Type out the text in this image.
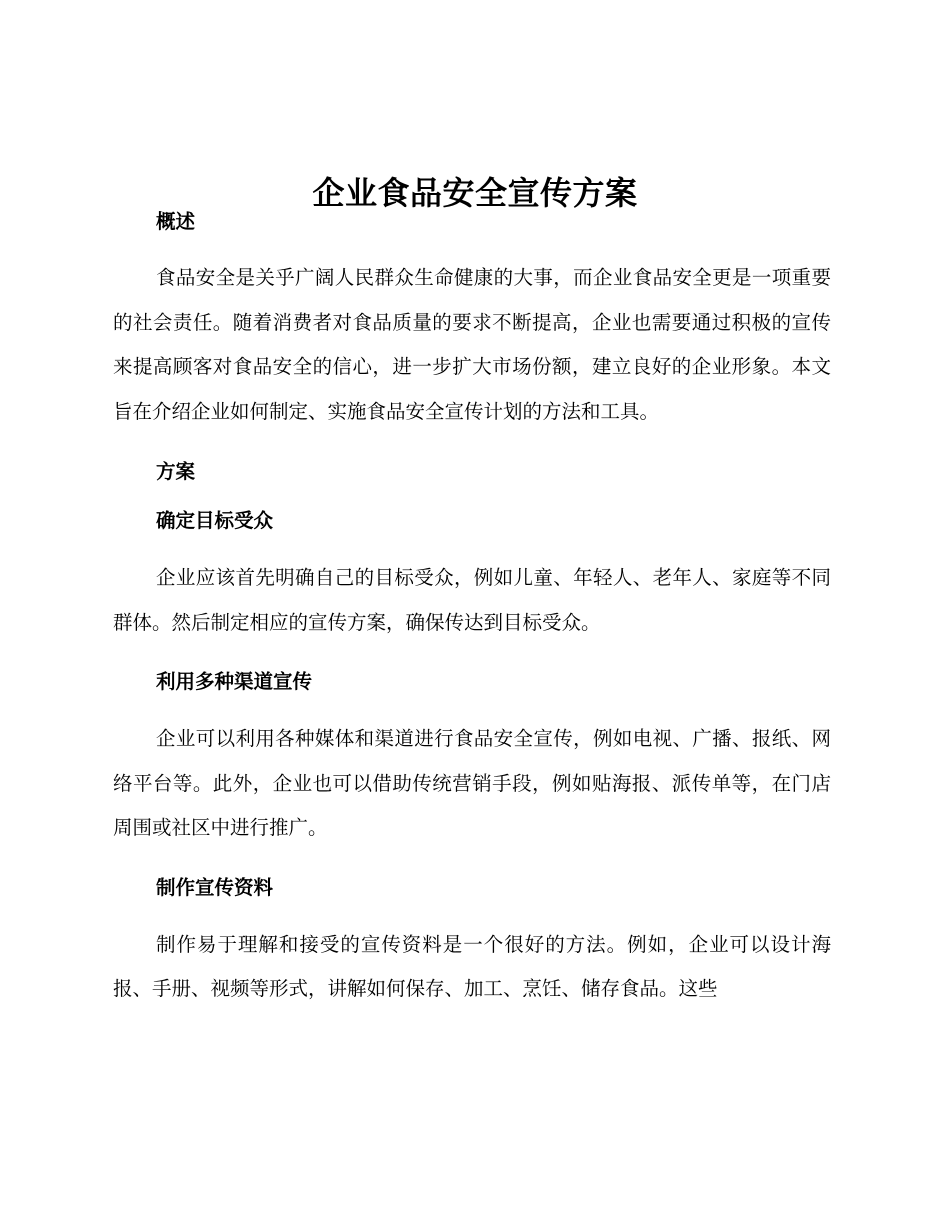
企业食品安全宣传方案
概述

食品安全是关乎广阔人民群众生命健康的大事，而企业食品安全更是一项重要的社会责任。随着消费者对食品质量的要求不断提高，企业也需要通过积极的宣传来提高顾客对食品安全的信心，进一步扩大市场份额，建立良好的企业形象。本文旨在介绍企业如何制定、实施食品安全宣传计划的方法和工具。

方案
确定目标受众

企业应该首先明确自己的目标受众，例如儿童、年轻人、老年人、家庭等不同群体。然后制定相应的宣传方案，确保传达到目标受众。

利用多种渠道宣传

企业可以利用各种媒体和渠道进行食品安全宣传，例如电视、广播、报纸、网络平台等。此外，企业也可以借助传统营销手段，例如贴海报、派传单等，在门店周围或社区中进行推广。

制作宣传资料

制作易于理解和接受的宣传资料是一个很好的方法。例如，企业可以设计海报、手册、视频等形式，讲解如何保存、加工、烹饪、储存食品。这些
